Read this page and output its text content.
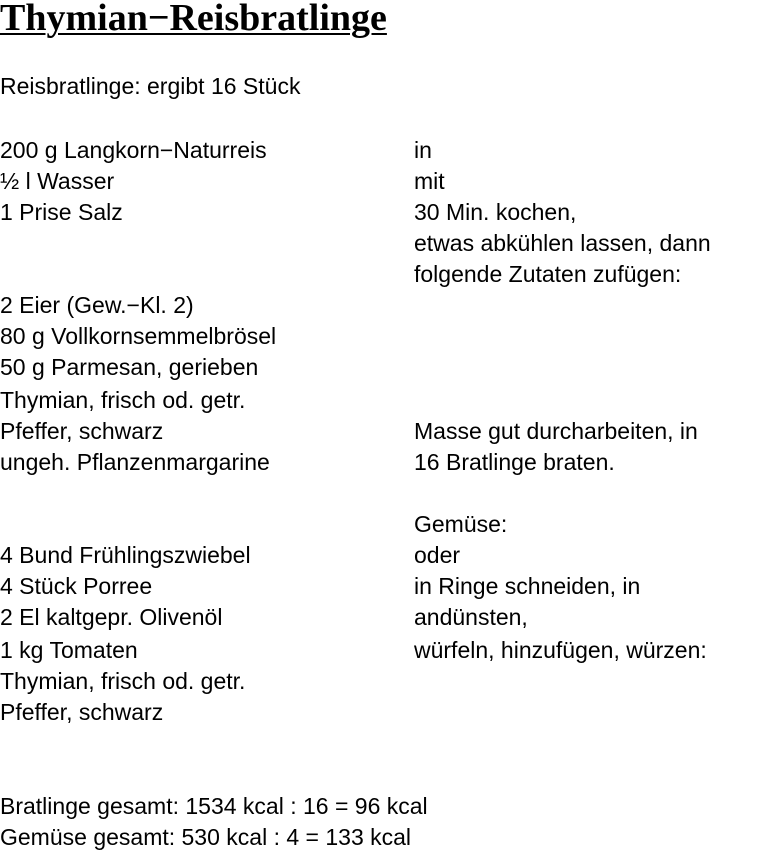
Thymian−Reisbratlinge
Reisbratlinge: ergibt 16 Stück
200 g Langkorn−Naturreis
½ l Wasser
1 Prise Salz
in
mit
30 Min. kochen,
etwas abkühlen lassen, dann
folgende Zutaten zufügen:
2 Eier (Gew.−Kl. 2)
80 g Vollkornsemmelbrösel
50 g Parmesan, gerieben
Thymian, frisch od. getr.
Pfeffer, schwarz
ungeh. Pflanzenmargarine
Masse gut durcharbeiten, in
16 Bratlinge braten.
Gemüse:
4 Bund Frühlingszwiebel
4 Stück Porree
2 El kaltgepr. Olivenöl
1 kg Tomaten
Thymian, frisch od. getr.
Pfeffer, schwarz
oder
in Ringe schneiden, in
andünsten,
würfeln, hinzufügen, würzen:
Bratlinge gesamt: 1534 kcal : 16 = 96 kcal
Gemüse gesamt: 530 kcal : 4 = 133 kcal
